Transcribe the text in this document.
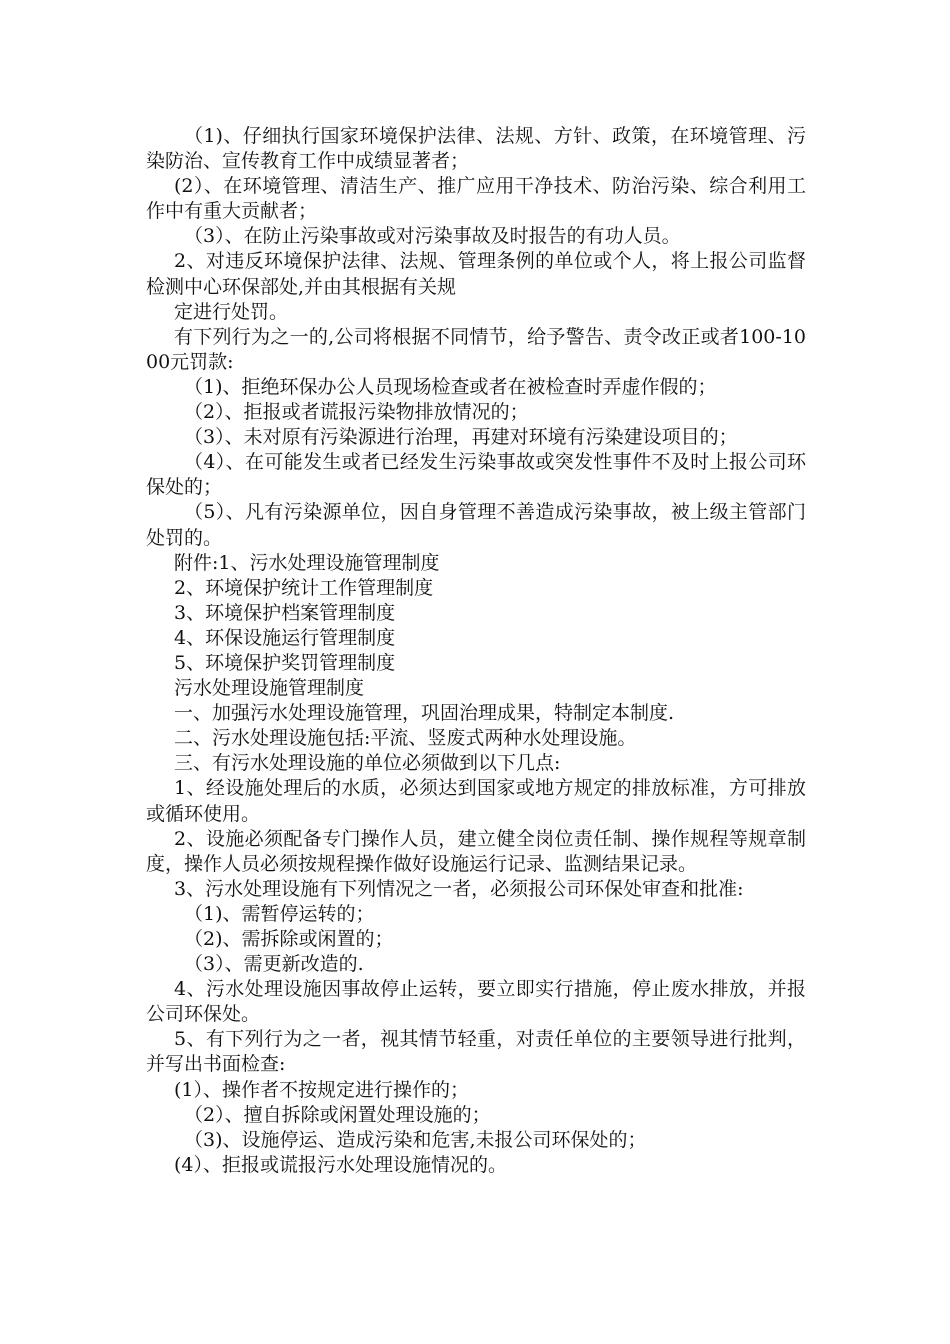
（1)、仔细执行国家环境保护法律、法规、方针、政策，在环境管理、污染防治、宣传教育工作中成绩显著者；

(2）、在环境管理、清洁生产、推广应用干净技术、防治污染、综合利用工作中有重大贡献者；

（3）、在防止污染事故或对污染事故及时报告的有功人员。

2、对违反环境保护法律、法规、管理条例的单位或个人，将上报公司监督检测中心环保部处,并由其根据有关规

定进行处罚。

有下列行为之一的,公司将根据不同情节，给予警告、责令改正或者100-1000元罚款:

（1)、拒绝环保办公人员现场检查或者在被检查时弄虚作假的；

（2）、拒报或者谎报污染物排放情况的；

（3）、未对原有污染源进行治理，再建对环境有污染建设项目的；

（4）、在可能发生或者已经发生污染事故或突发性事件不及时上报公司环保处的；

（5）、凡有污染源单位，因自身管理不善造成污染事故，被上级主管部门处罚的。

附件:1、污水处理设施管理制度

2、环境保护统计工作管理制度

3、环境保护档案管理制度

4、环保设施运行管理制度

5、环境保护奖罚管理制度

污水处理设施管理制度

一、加强污水处理设施管理，巩固治理成果，特制定本制度.

二、污水处理设施包括:平流、竖废式两种水处理设施。

三、有污水处理设施的单位必须做到以下几点:

1、经设施处理后的水质，必须达到国家或地方规定的排放标准，方可排放或循环使用。

2、设施必须配备专门操作人员，建立健全岗位责任制、操作规程等规章制度，操作人员必须按规程操作做好设施运行记录、监测结果记录。

3、污水处理设施有下列情况之一者，必须报公司环保处审查和批准:

（1)、需暂停运转的；

（2)、需拆除或闲置的；

（3）、需更新改造的.

4、污水处理设施因事故停止运转，要立即实行措施，停止废水排放，并报公司环保处。

5、有下列行为之一者，视其情节轻重，对责任单位的主要领导进行批判，并写出书面检查:

(1）、操作者不按规定进行操作的；

（2）、擅自拆除或闲置处理设施的；

（3)、设施停运、造成污染和危害,未报公司环保处的；

(4）、拒报或谎报污水处理设施情况的。
